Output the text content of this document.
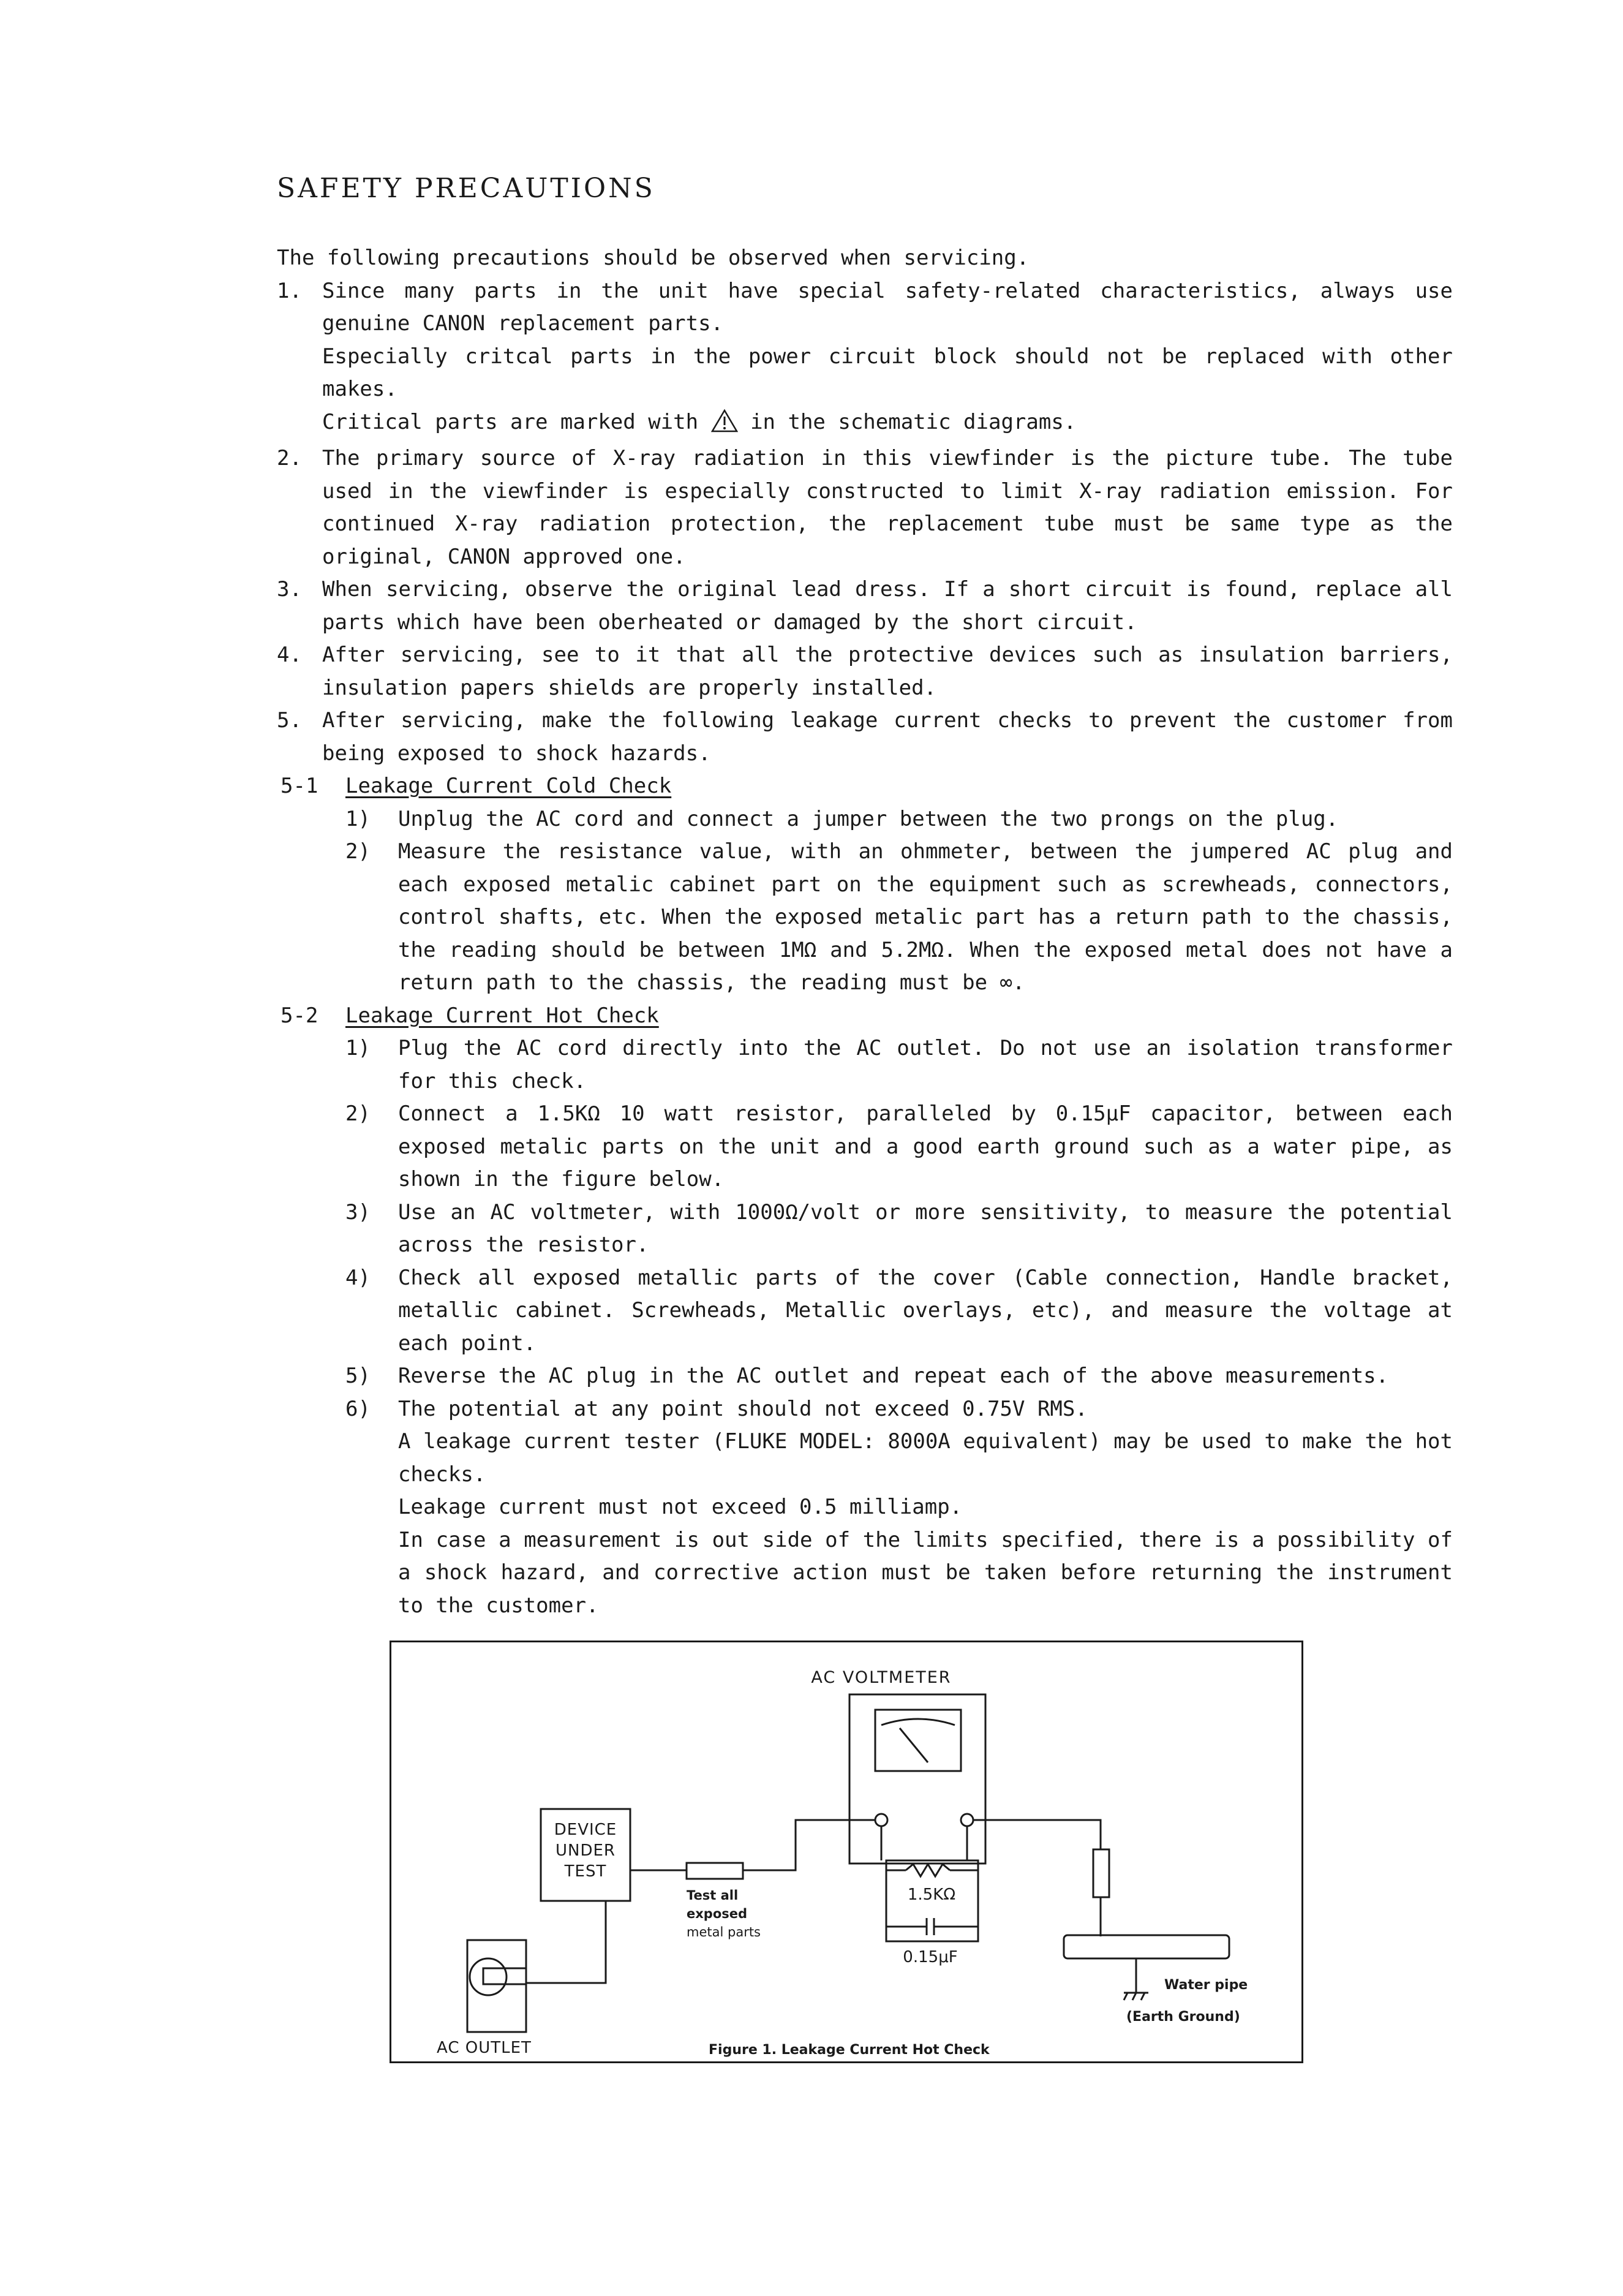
SAFETY PRECAUTIONS

The following precautions should be observed when servicing.

1. Since many parts in the unit have special safety-related characteristics, always use genuine CANON replacement parts.
Especially critcal parts in the power circuit block should not be replaced with other makes.
Critical parts are marked with in the schematic diagrams.
2. The primary source of X-ray radiation in this viewfinder is the picture tube. The tube used in the viewfinder is especially constructed to limit X-ray radiation emission. For continued X-ray radiation protection, the replacement tube must be same type as the original, CANON approved one.
3. When servicing, observe the original lead dress. If a short circuit is found, replace all parts which have been oberheated or damaged by the short circuit.
4. After servicing, see to it that all the protective devices such as insulation barriers, insulation papers shields are properly installed.
5. After servicing, make the following leakage current checks to prevent the customer from being exposed to shock hazards.
5-1	Leakage Current Cold Check
1)	Unplug the AC cord and connect a jumper between the two prongs on the plug.
2)	Measure the resistance value, with an ohmmeter, between the jumpered AC plug and each exposed metalic cabinet part on the equipment such as screwheads, connectors, control shafts, etc. When the exposed metalic part has a return path to the chassis, the reading should be between 1MΩ and 5.2MΩ. When the exposed metal does not have a return path to the chassis, the reading must be ∞.
5-2	Leakage Current Hot Check
1)	Plug the AC cord directly into the AC outlet. Do not use an isolation transformer for this check.
2)	Connect a 1.5KΩ 10 watt resistor, paralleled by 0.15μF capacitor, between each exposed metalic parts on the unit and a good earth ground such as a water pipe, as shown in the figure below.
3)	Use an AC voltmeter, with 1000Ω/volt or more sensitivity, to measure the potential across the resistor.
4)	Check all exposed metallic parts of the cover (Cable connection, Handle bracket, metallic cabinet. Screwheads, Metallic overlays, etc), and measure the voltage at each point.
5)	Reverse the AC plug in the AC outlet and repeat each of the above measurements.
6)	The potential at any point should not exceed 0.75V RMS.
A leakage current tester (FLUKE MODEL: 8000A equivalent) may be used to make the hot checks.
Leakage current must not exceed 0.5 milliamp.
In case a measurement is out side of the limits specified, there is a possibility of a shock hazard, and corrective action must be taken before returning the instrument to the customer.
AC VOLTMETER
DEVICE
UNDER
TEST
Test all
exposed
metal parts
1.5KΩ
0.15μF
Water pipe
(Earth Ground)
AC OUTLET	Figure 1. Leakage Current Hot Check
